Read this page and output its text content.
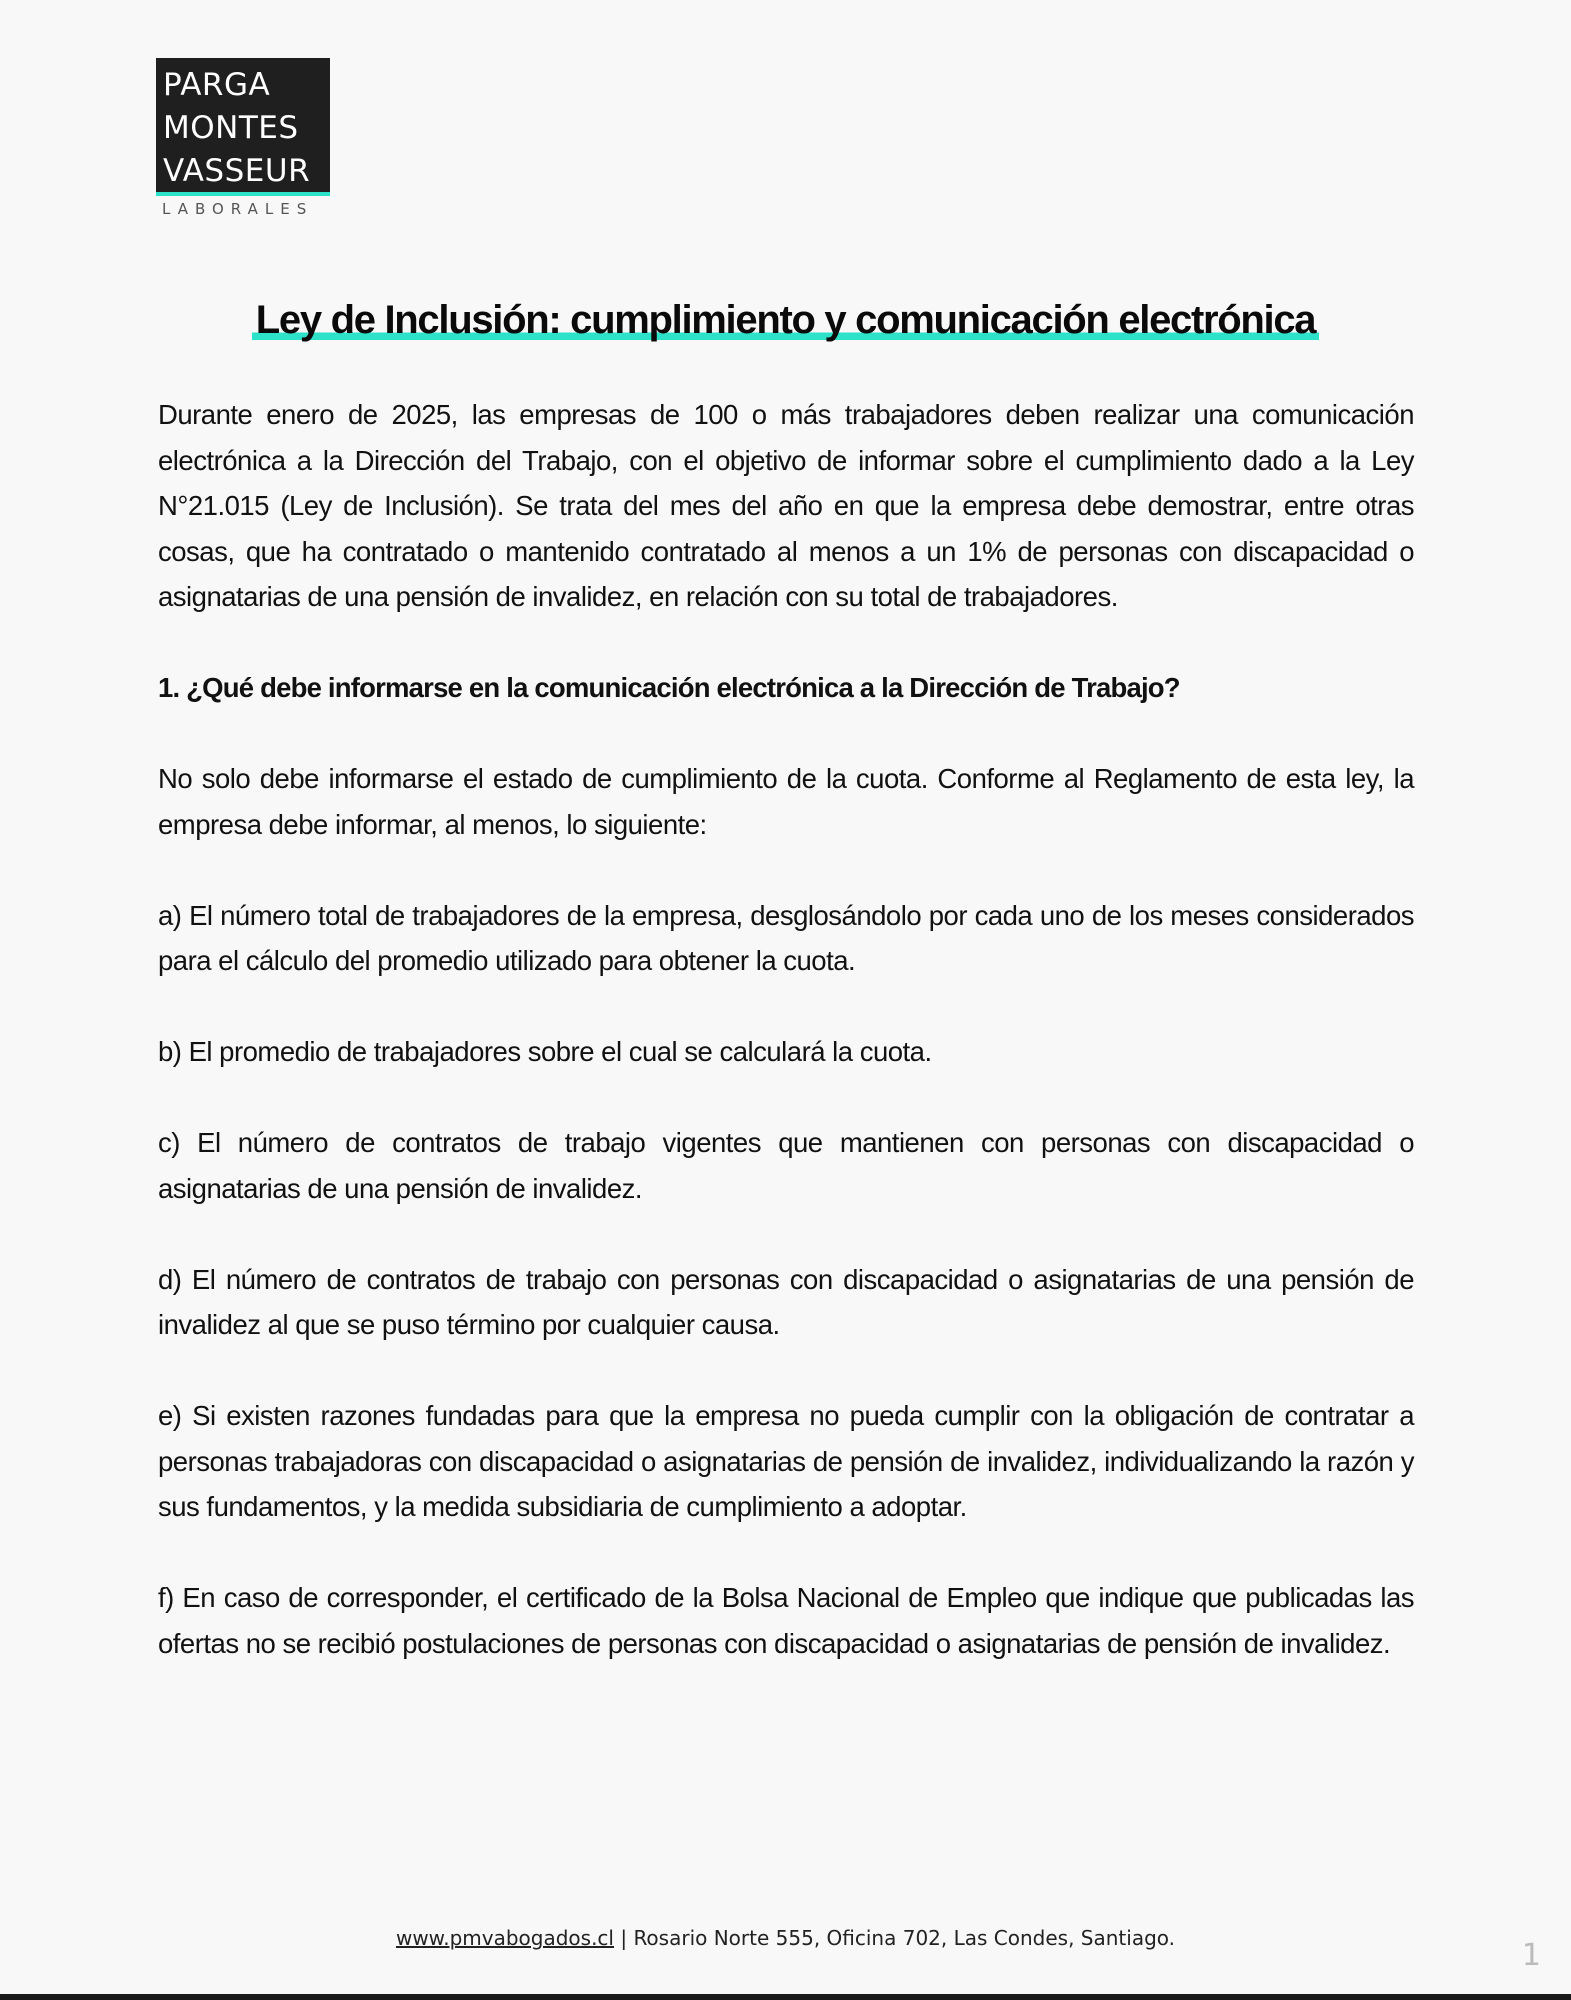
PARGA
MONTES
VASSEUR
LABORALES
Ley de Inclusión: cumplimiento y comunicación electrónica

Durante enero de 2025, las empresas de 100 o más trabajadores deben realizar una comunicación electrónica a la Dirección del Trabajo, con el objetivo de informar sobre el cumplimiento dado a la Ley N°21.015 (Ley de Inclusión). Se trata del mes del año en que la empresa debe demostrar, entre otras cosas, que ha contratado o mantenido contratado al menos a un 1% de personas con discapacidad o asignatarias de una pensión de invalidez, en relación con su total de trabajadores.

1. ¿Qué debe informarse en la comunicación electrónica a la Dirección de Trabajo?

No solo debe informarse el estado de cumplimiento de la cuota. Conforme al Reglamento de esta ley, la empresa debe informar, al menos, lo siguiente:

a) El número total de trabajadores de la empresa, desglosándolo por cada uno de los meses considerados para el cálculo del promedio utilizado para obtener la cuota.

b) El promedio de trabajadores sobre el cual se calculará la cuota.

c) El número de contratos de trabajo vigentes que mantienen con personas con discapacidad o asignatarias de una pensión de invalidez.

d) El número de contratos de trabajo con personas con discapacidad o asignatarias de una pensión de invalidez al que se puso término por cualquier causa.

e) Si existen razones fundadas para que la empresa no pueda cumplir con la obligación de contratar a personas trabajadoras con discapacidad o asignatarias de pensión de invalidez, individualizando la razón y sus fundamentos, y la medida subsidiaria de cumplimiento a adoptar.

f) En caso de corresponder, el certificado de la Bolsa Nacional de Empleo que indique que publicadas las ofertas no se recibió postulaciones de personas con discapacidad o asignatarias de pensión de invalidez.

www.pmvabogados.cl | Rosario Norte 555, Oficina 702, Las Condes, Santiago.	1
